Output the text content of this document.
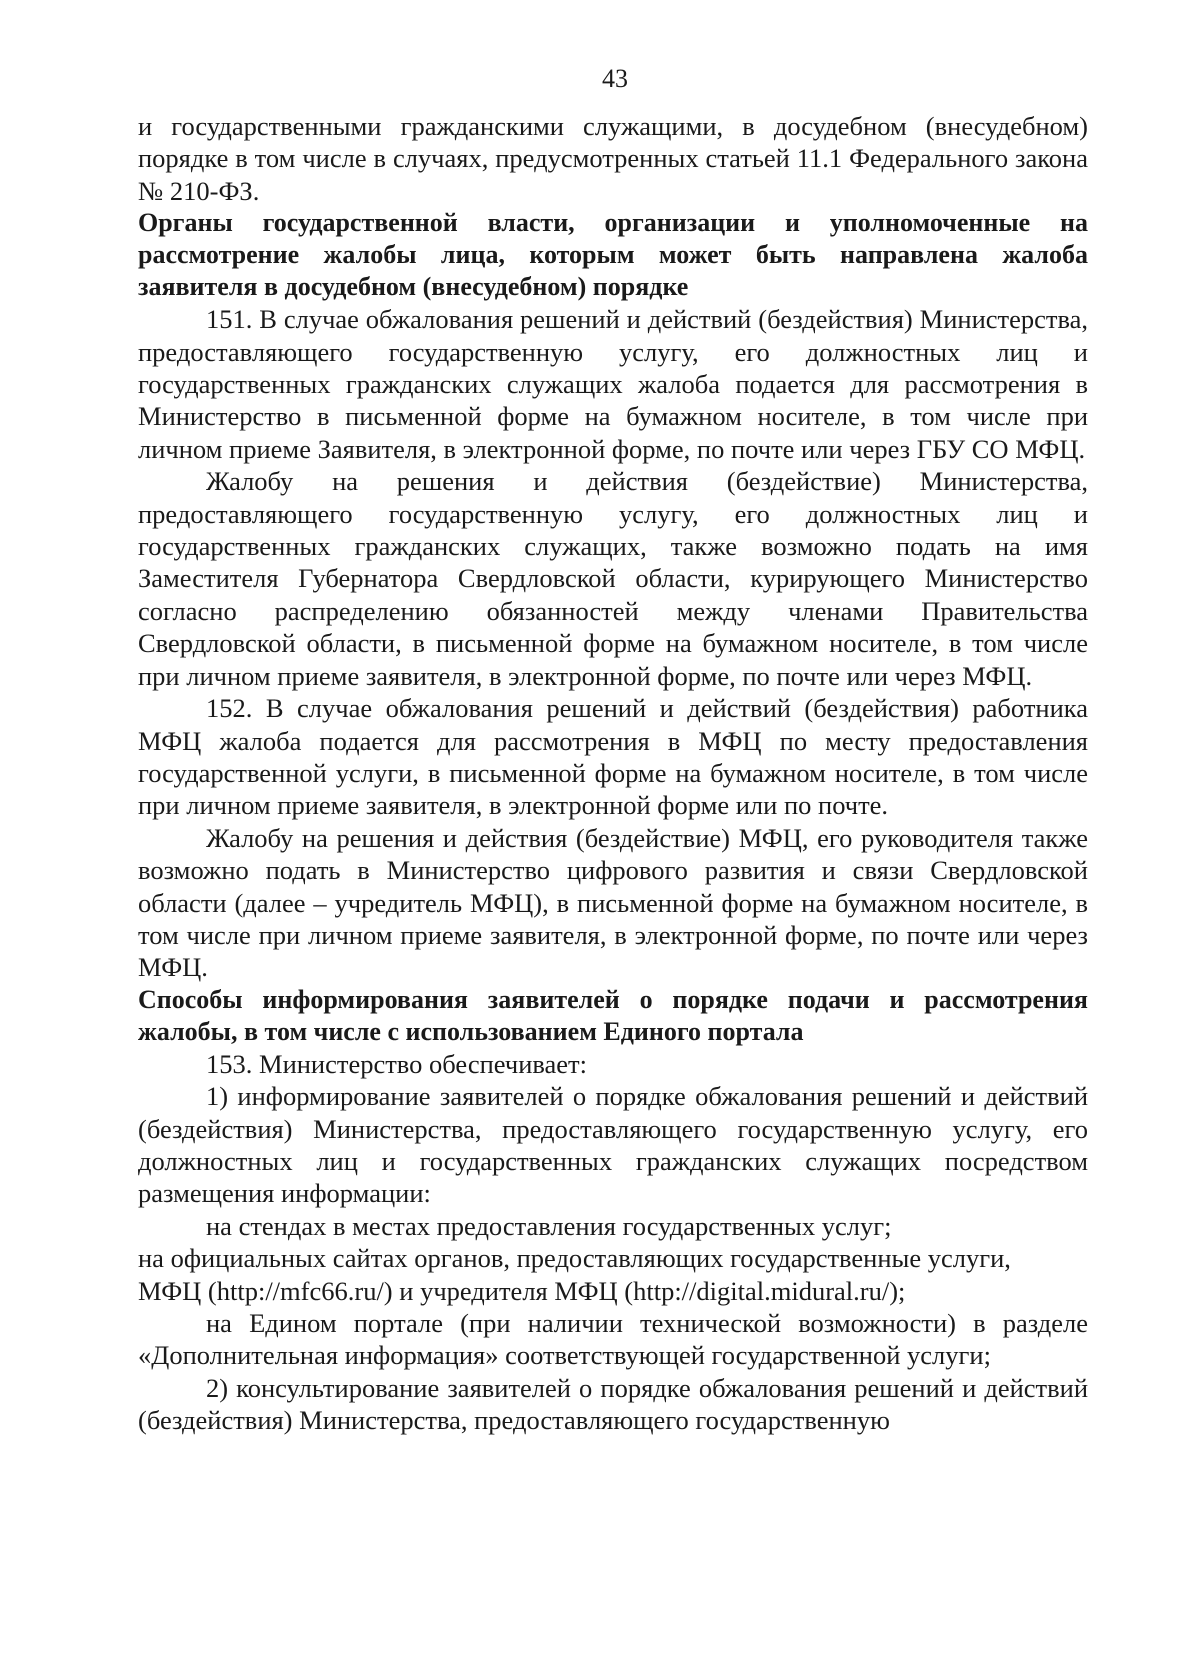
43

и государственными гражданскими служащими, в досудебном (внесудебном) порядке в том числе в случаях, предусмотренных статьей 11.1 Федерального закона № 210-ФЗ.

Органы государственной власти, организации и уполномоченные на рассмотрение жалобы лица, которым может быть направлена жалоба заявителя в досудебном (внесудебном) порядке

151. В случае обжалования решений и действий (бездействия) Министерства, предоставляющего государственную услугу, его должностных лиц и государственных гражданских служащих жалоба подается для рассмотрения в Министерство в письменной форме на бумажном носителе, в том числе при личном приеме Заявителя, в электронной форме, по почте или через ГБУ СО МФЦ.

Жалобу на решения и действия (бездействие) Министерства, предоставляющего государственную услугу, его должностных лиц и государственных гражданских служащих, также возможно подать на имя Заместителя Губернатора Свердловской области, курирующего Министерство согласно распределению обязанностей между членами Правительства Свердловской области, в письменной форме на бумажном носителе, в том числе при личном приеме заявителя, в электронной форме, по почте или через МФЦ.

152. В случае обжалования решений и действий (бездействия) работника МФЦ жалоба подается для рассмотрения в МФЦ по месту предоставления государственной услуги, в письменной форме на бумажном носителе, в том числе при личном приеме заявителя, в электронной форме или по почте.

Жалобу на решения и действия (бездействие) МФЦ, его руководителя также возможно подать в Министерство цифрового развития и связи Свердловской области (далее – учредитель МФЦ), в письменной форме на бумажном носителе, в том числе при личном приеме заявителя, в электронной форме, по почте или через МФЦ.

Способы информирования заявителей о порядке подачи и рассмотрения жалобы, в том числе с использованием Единого портала

153. Министерство обеспечивает:

1) информирование заявителей о порядке обжалования решений и действий (бездействия) Министерства, предоставляющего государственную услугу, его должностных лиц и государственных гражданских служащих посредством размещения информации:

на стендах в местах предоставления государственных услуг;

на официальных сайтах органов, предоставляющих государственные услуги,

МФЦ (http://mfc66.ru/) и учредителя МФЦ (http://digital.midural.ru/);

на Едином портале (при наличии технической возможности) в разделе «Дополнительная информация» соответствующей государственной услуги;

2) консультирование заявителей о порядке обжалования решений и действий (бездействия) Министерства, предоставляющего государственную
